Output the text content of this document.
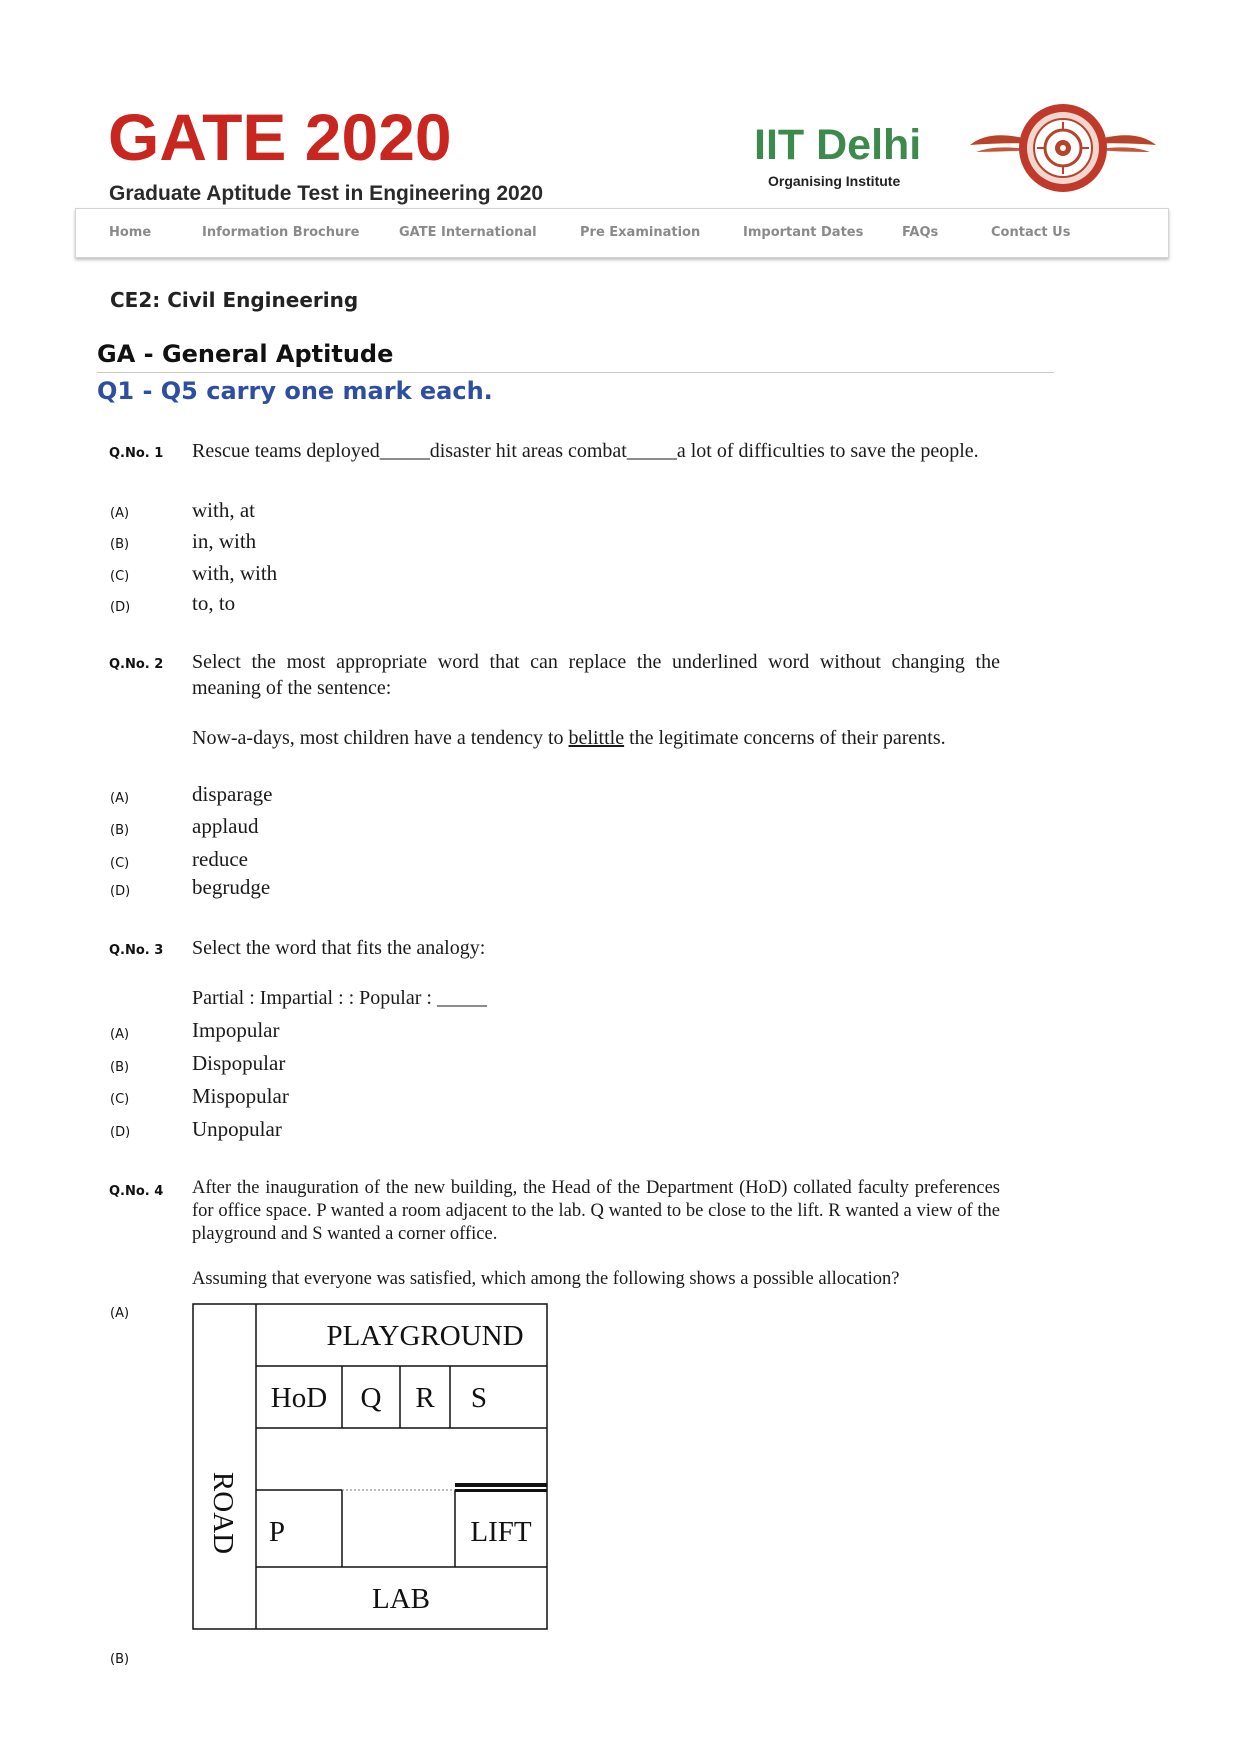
GATE 2020
Graduate Aptitude Test in Engineering 2020
IIT Delhi
Organising Institute
Home	Information Brochure	GATE International	Pre Examination	Important Dates	FAQs	Contact Us
CE2: Civil Engineering
GA - General Aptitude
Q1 - Q5 carry one mark each.
Q.No. 1 Rescue teams deployed_____disaster hit areas combat_____a lot of difficulties to save the people.
(A)	with, at
(B)	in, with
(C)	with, with
(D)	to, to
Q.No. 2 Select the most appropriate word that can replace the underlined word without changing the meaning of the sentence:
Now-a-days, most children have a tendency to belittle the legitimate concerns of their parents.
(A)	disparage
(B)	applaud
(C)	reduce
(D)	begrudge
Q.No. 3 Select the word that fits the analogy:
Partial : Impartial : : Popular : _____
(A)	Impopular
(B)	Dispopular
(C)	Mispopular
(D)	Unpopular
Q.No. 4 After the inauguration of the new building, the Head of the Department (HoD) collated faculty preferences for office space. P wanted a room adjacent to the lab. Q wanted to be close to the lift. R wanted a view of the playground and S wanted a corner office.
Assuming that everyone was satisfied, which among the following shows a possible allocation?
(A)
PLAYGROUND
HoD Q R S
ROAD P	LIFT
LAB
(B)
